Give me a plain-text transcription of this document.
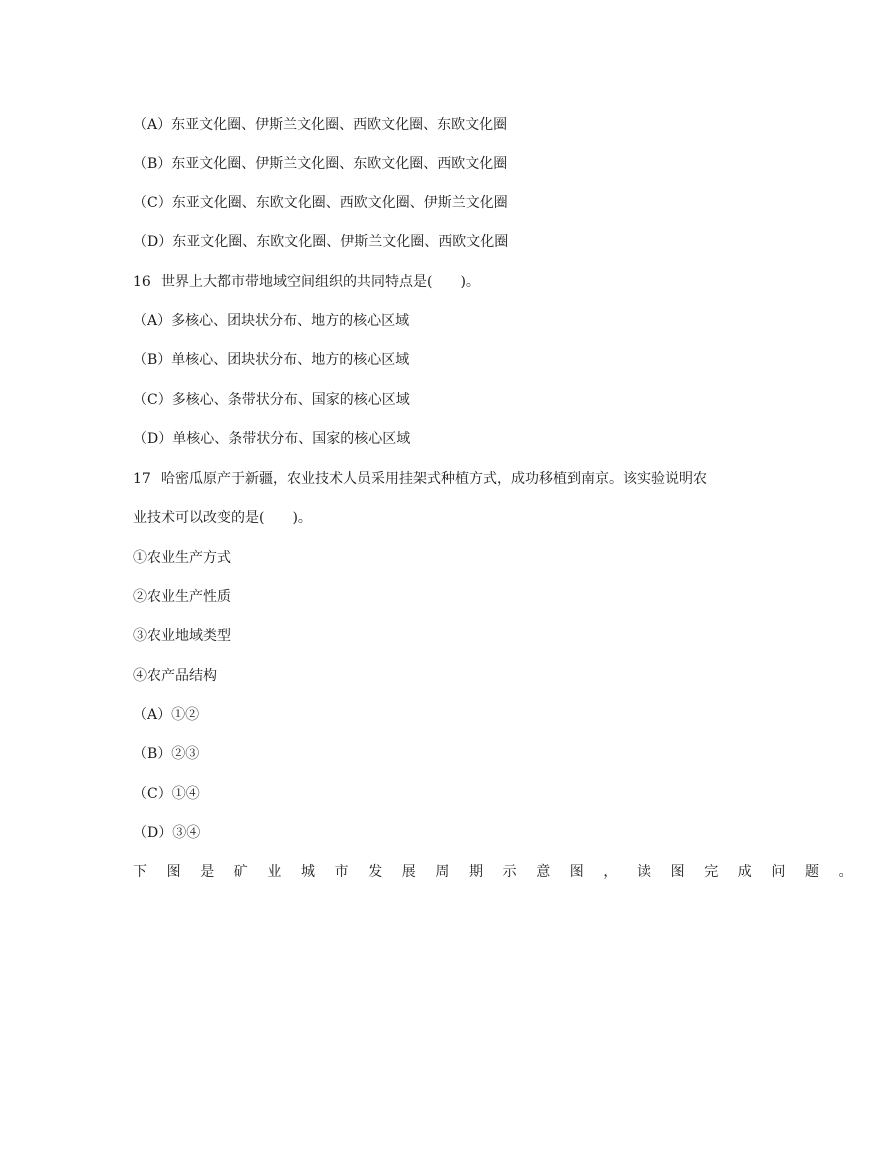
（A）东亚文化圈、伊斯兰文化圈、西欧文化圈、东欧文化圈
（B）东亚文化圈、伊斯兰文化圈、东欧文化圈、西欧文化圈
（C）东亚文化圈、东欧文化圈、西欧文化圈、伊斯兰文化圈
（D）东亚文化圈、东欧文化圈、伊斯兰文化圈、西欧文化圈
16 世界上大都市带地域空间组织的共同特点是(　　)。
（A）多核心、团块状分布、地方的核心区域
（B）单核心、团块状分布、地方的核心区域
（C）多核心、条带状分布、国家的核心区域
（D）单核心、条带状分布、国家的核心区域
17 哈密瓜原产于新疆，农业技术人员采用挂架式种植方式，成功移植到南京。该实验说明农
业技术可以改变的是(　　)。
①农业生产方式
②农业生产性质
③农业地域类型
④农产品结构
（A）①②
（B）②③
（C）①④
（D）③④
下图是矿业城市发展周期示意图，读图完成问题。
